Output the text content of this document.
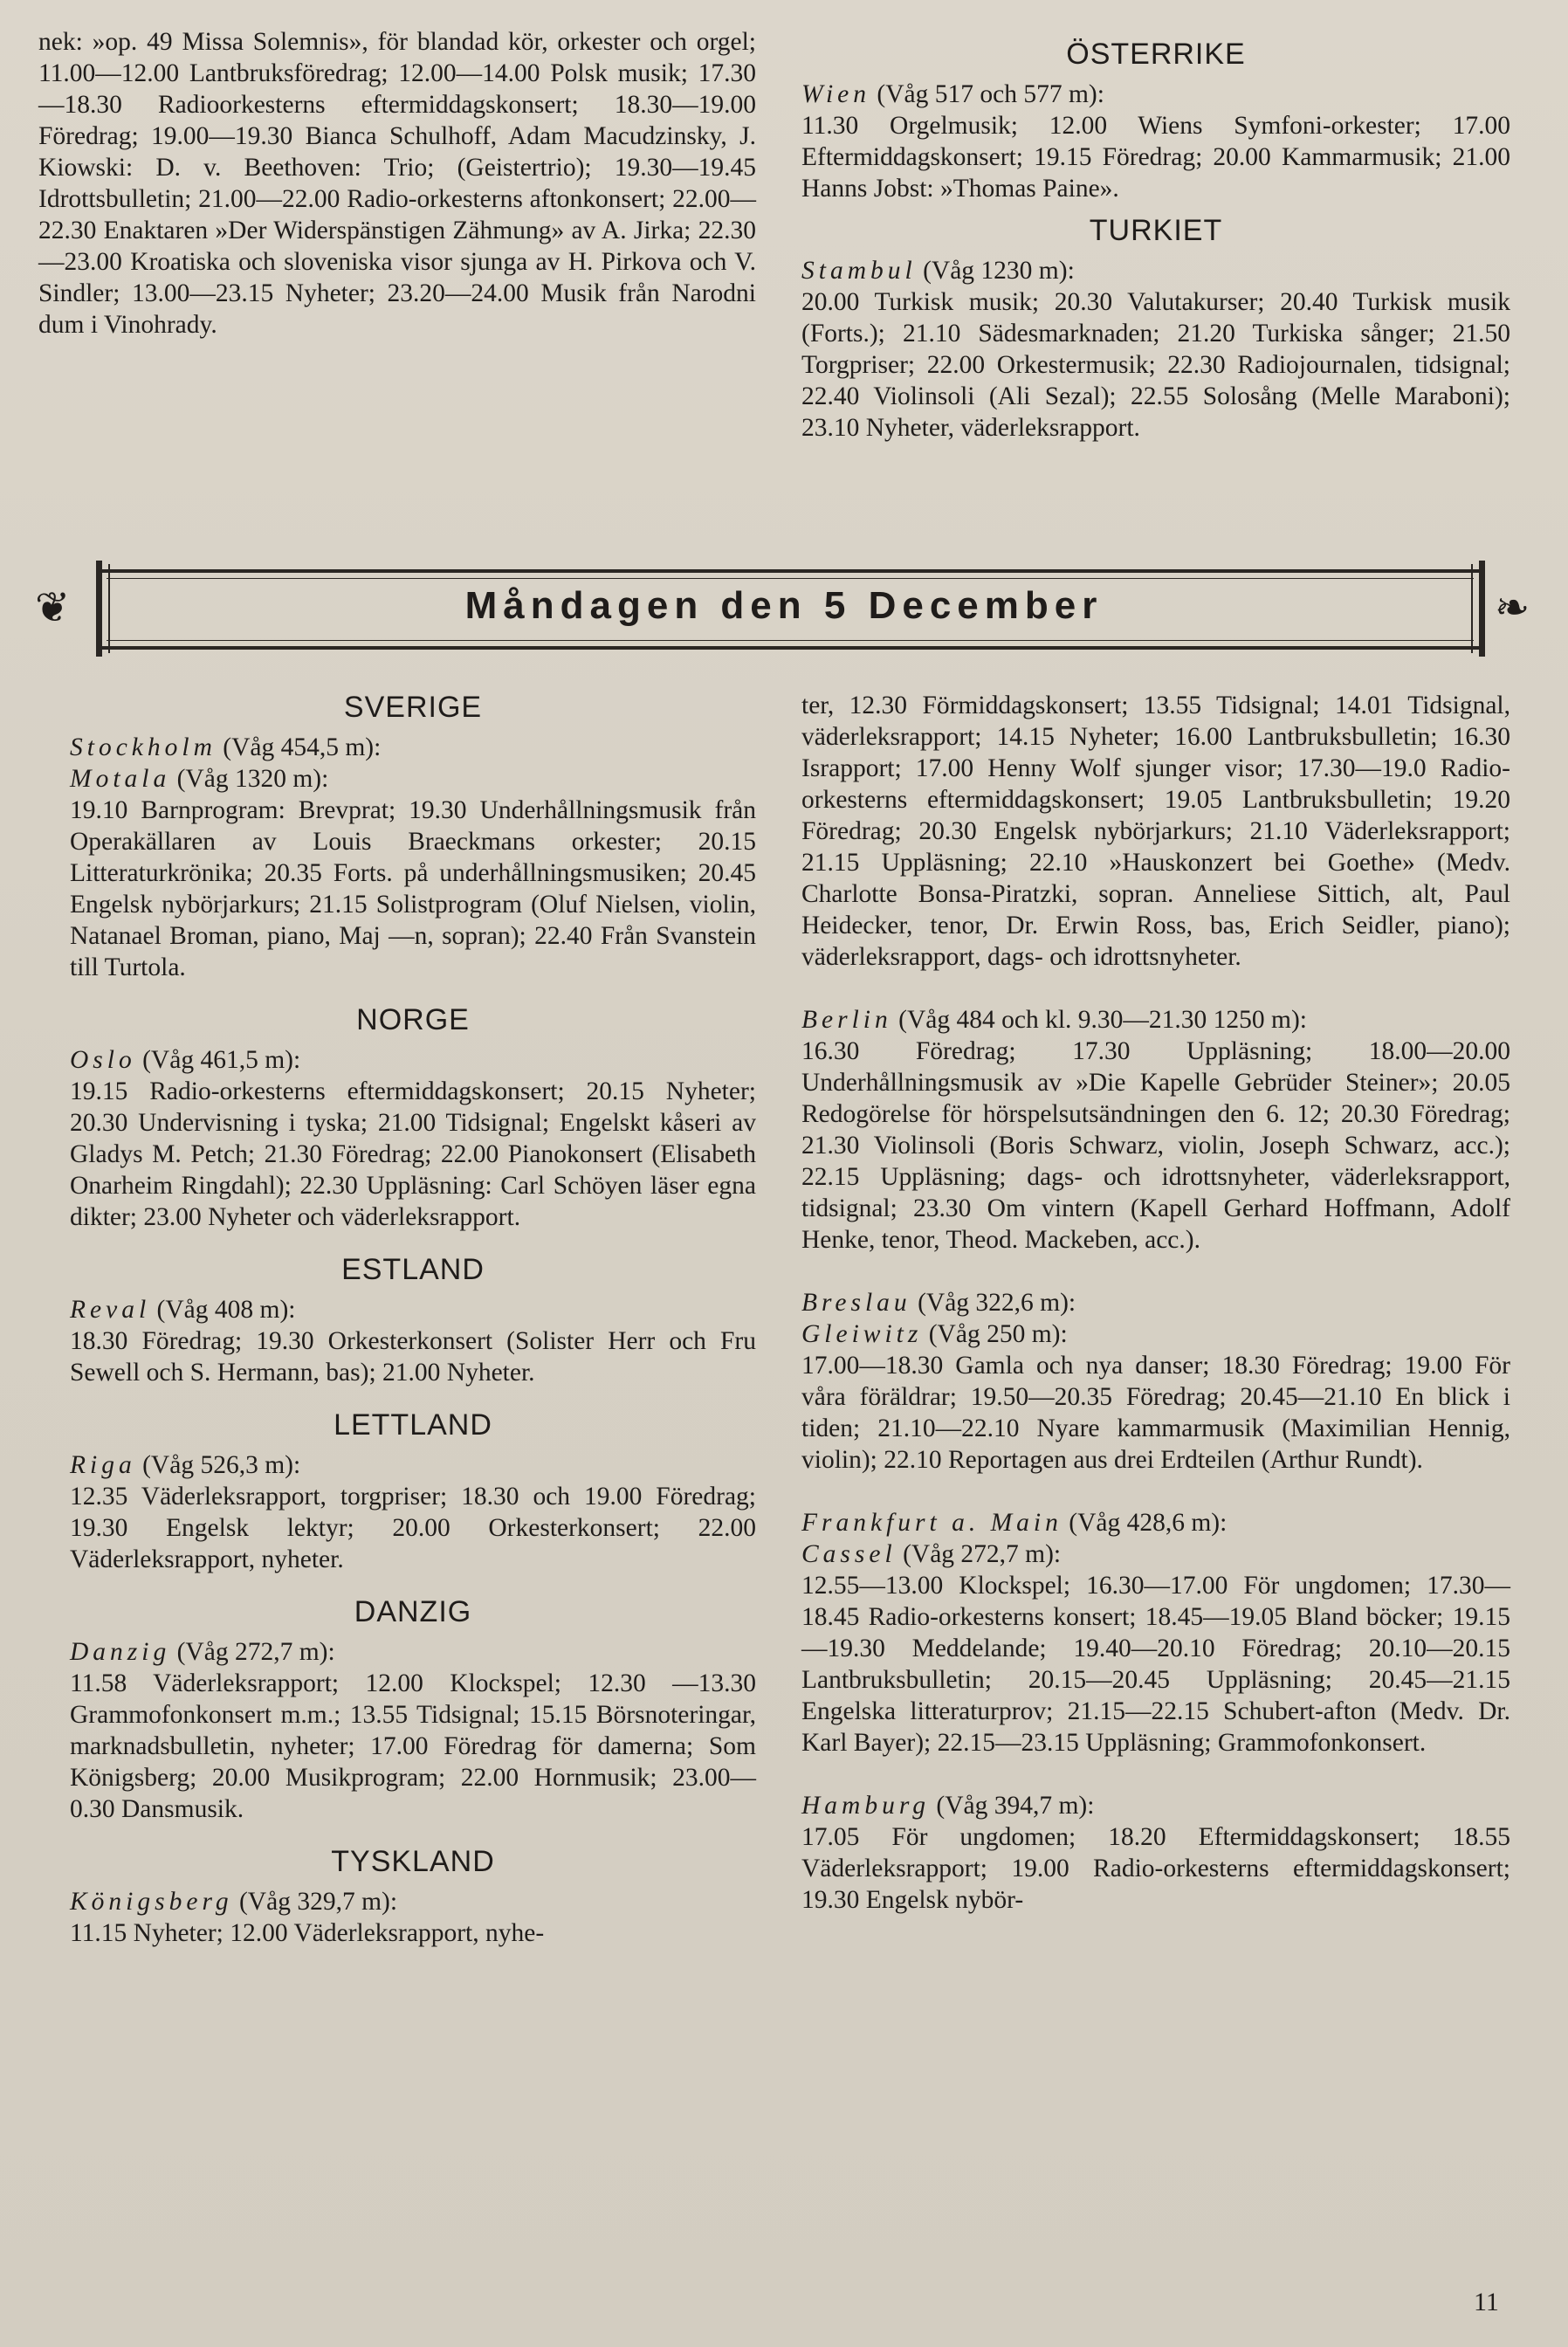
nek: »op. 49 Missa Solemnis», för blandad kör, orkester och orgel; 11.00—12.00 Lantbruksföredrag; 12.00—14.00 Polsk musik; 17.30—18.30 Radioorkesterns eftermiddagskonsert; 18.30—19.00 Föredrag; 19.00—19.30 Bianca Schulhoff, Adam Macudzinsky, J. Kiowski: D. v. Beethoven: Trio; (Geistertrio); 19.30—19.45 Idrottsbulletin; 21.00—22.00 Radio-orkesterns aftonkonsert; 22.00—22.30 Enaktaren »Der Widerspänstigen Zähmung» av A. Jirka; 22.30—23.00 Kroatiska och sloveniska visor sjunga av H. Pirkova och V. Sindler; 13.00—23.15 Nyheter; 23.20—24.00 Musik från Narodni dum i Vinohrady.

ÖSTERRIKE

Wien (Våg 517 och 577 m):

11.30 Orgelmusik; 12.00 Wiens Symfoni-orkester; 17.00 Eftermiddagskonsert; 19.15 Föredrag; 20.00 Kammarmusik; 21.00 Hanns Jobst: »Thomas Paine».

TURKIET

Stambul (Våg 1230 m):

20.00 Turkisk musik; 20.30 Valutakurser; 20.40 Turkisk musik (Forts.); 21.10 Sädesmarknaden; 21.20 Turkiska sånger; 21.50 Torgpriser; 22.00 Orkestermusik; 22.30 Radiojournalen, tidsignal; 22.40 Violinsoli (Ali Sezal); 22.55 Solosång (Melle Maraboni); 23.10 Nyheter, väderleksrapport.

❦	Måndagen den 5 December	❧
SVERIGE

Stockholm (Våg 454,5 m):

Motala (Våg 1320 m):

19.10 Barnprogram: Brevprat; 19.30 Underhållningsmusik från Operakällaren av Louis Braeckmans orkester; 20.15 Litteraturkrönika; 20.35 Forts. på underhållningsmusiken; 20.45 Engelsk nybörjarkurs; 21.15 Solistprogram (Oluf Nielsen, violin, Natanael Broman, piano, Maj —n, sopran); 22.40 Från Svanstein till Turtola.

NORGE

Oslo (Våg 461,5 m):

19.15 Radio-orkesterns eftermiddagskonsert; 20.15 Nyheter; 20.30 Undervisning i tyska; 21.00 Tidsignal; Engelskt kåseri av Gladys M. Petch; 21.30 Föredrag; 22.00 Pianokonsert (Elisabeth Onarheim Ringdahl); 22.30 Uppläsning: Carl Schöyen läser egna dikter; 23.00 Nyheter och väderleksrapport.

ESTLAND

Reval (Våg 408 m):

18.30 Föredrag; 19.30 Orkesterkonsert (Solister Herr och Fru Sewell och S. Hermann, bas); 21.00 Nyheter.

LETTLAND

Riga (Våg 526,3 m):

12.35 Väderleksrapport, torgpriser; 18.30 och 19.00 Föredrag; 19.30 Engelsk lektyr; 20.00 Orkesterkonsert; 22.00 Väderleksrapport, nyheter.

DANZIG

Danzig (Våg 272,7 m):

11.58 Väderleksrapport; 12.00 Klockspel; 12.30 —13.30 Grammofonkonsert m.m.; 13.55 Tidsignal; 15.15 Börsnoteringar, marknadsbulletin, nyheter; 17.00 Föredrag för damerna; Som Königsberg; 20.00 Musikprogram; 22.00 Hornmusik; 23.00—0.30 Dansmusik.

TYSKLAND

Königsberg (Våg 329,7 m):

11.15 Nyheter; 12.00 Väderleksrapport, nyhe-

ter, 12.30 Förmiddagskonsert; 13.55 Tidsignal; 14.01 Tidsignal, väderleksrapport; 14.15 Nyheter; 16.00 Lantbruksbulletin; 16.30 Israpport; 17.00 Henny Wolf sjunger visor; 17.30—19.0 Radio-orkesterns eftermiddagskonsert; 19.05 Lantbruksbulletin; 19.20 Föredrag; 20.30 Engelsk nybörjarkurs; 21.10 Väderleksrapport; 21.15 Uppläsning; 22.10 »Hauskonzert bei Goethe» (Medv. Charlotte Bonsa-Piratzki, sopran. Anneliese Sittich, alt, Paul Heidecker, tenor, Dr. Erwin Ross, bas, Erich Seidler, piano); väderleksrapport, dags- och idrottsnyheter.

Berlin (Våg 484 och kl. 9.30—21.30 1250 m):

16.30 Föredrag; 17.30 Uppläsning; 18.00—20.00 Underhållningsmusik av »Die Kapelle Gebrüder Steiner»; 20.05 Redogörelse för hörspelsutsändningen den 6. 12; 20.30 Föredrag; 21.30 Violinsoli (Boris Schwarz, violin, Joseph Schwarz, acc.); 22.15 Uppläsning; dags- och idrottsnyheter, väderleksrapport, tidsignal; 23.30 Om vintern (Kapell Gerhard Hoffmann, Adolf Henke, tenor, Theod. Mackeben, acc.).

Breslau (Våg 322,6 m):

Gleiwitz (Våg 250 m):

17.00—18.30 Gamla och nya danser; 18.30 Föredrag; 19.00 För våra föräldrar; 19.50—20.35 Föredrag; 20.45—21.10 En blick i tiden; 21.10—22.10 Nyare kammarmusik (Maximilian Hennig, violin); 22.10 Reportagen aus drei Erdteilen (Arthur Rundt).

Frankfurt a. Main (Våg 428,6 m):

Cassel (Våg 272,7 m):

12.55—13.00 Klockspel; 16.30—17.00 För ungdomen; 17.30—18.45 Radio-orkesterns konsert; 18.45—19.05 Bland böcker; 19.15—19.30 Meddelande; 19.40—20.10 Föredrag; 20.10—20.15 Lantbruksbulletin; 20.15—20.45 Uppläsning; 20.45—21.15 Engelska litteraturprov; 21.15—22.15 Schubert-afton (Medv. Dr. Karl Bayer); 22.15—23.15 Uppläsning; Grammofonkonsert.

Hamburg (Våg 394,7 m):

17.05 För ungdomen; 18.20 Eftermiddagskonsert; 18.55 Väderleksrapport; 19.00 Radio-orkesterns eftermiddagskonsert; 19.30 Engelsk nybör-

11
